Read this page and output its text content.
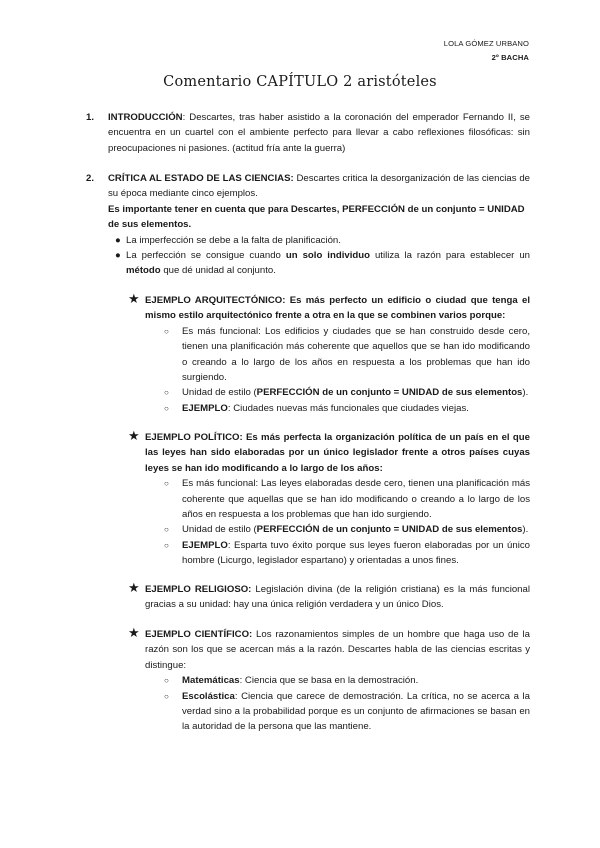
LOLA GÓMEZ URBANO
2º BACHA
Comentario CAPÍTULO 2 aristóteles
1. INTRODUCCIÓN: Descartes, tras haber asistido a la coronación del emperador Fernando II, se encuentra en un cuartel con el ambiente perfecto para llevar a cabo reflexiones filosóficas: sin preocupaciones ni pasiones. (actitud fría ante la guerra)

2. CRÍTICA AL ESTADO DE LAS CIENCIAS: Descartes critica la desorganización de las ciencias de su época mediante cinco ejemplos.

Es importante tener en cuenta que para Descartes, PERFECCIÓN de un conjunto = UNIDAD de sus elementos.

● La imperfección se debe a la falta de planificación.

● La perfección se consigue cuando un solo individuo utiliza la razón para establecer un método que dé unidad al conjunto.

★ EJEMPLO ARQUITECTÓNICO: Es más perfecto un edificio o ciudad que tenga el mismo estilo arquitectónico frente a otra en la que se combinen varios porque:

○ Es más funcional: Los edificios y ciudades que se han construido desde cero, tienen una planificación más coherente que aquellos que se han ido modificando o creando a lo largo de los años en respuesta a los problemas que han ido surgiendo.

○ Unidad de estilo (PERFECCIÓN de un conjunto = UNIDAD de sus elementos).

○ EJEMPLO: Ciudades nuevas más funcionales que ciudades viejas.

★ EJEMPLO POLÍTICO: Es más perfecta la organización política de un país en el que las leyes han sido elaboradas por un único legislador frente a otros países cuyas leyes se han ido modificando a lo largo de los años:

○ Es más funcional: Las leyes elaboradas desde cero, tienen una planificación más coherente que aquellas que se han ido modificando o creando a lo largo de los años en respuesta a los problemas que han ido surgiendo.

○ Unidad de estilo (PERFECCIÓN de un conjunto = UNIDAD de sus elementos).

○ EJEMPLO: Esparta tuvo éxito porque sus leyes fueron elaboradas por un único hombre (Licurgo, legislador espartano) y orientadas a unos fines.

★ EJEMPLO RELIGIOSO: Legislación divina (de la religión cristiana) es la más funcional gracias a su unidad: hay una única religión verdadera y un único Dios.

★ EJEMPLO CIENTÍFICO: Los razonamientos simples de un hombre que haga uso de la razón son los que se acercan más a la razón. Descartes habla de las ciencias escritas y distingue:

○ Matemáticas: Ciencia que se basa en la demostración.

○ Escolástica: Ciencia que carece de demostración. La crítica, no se acerca a la verdad sino a la probabilidad porque es un conjunto de afirmaciones se basan en la autoridad de la persona que las mantiene.
